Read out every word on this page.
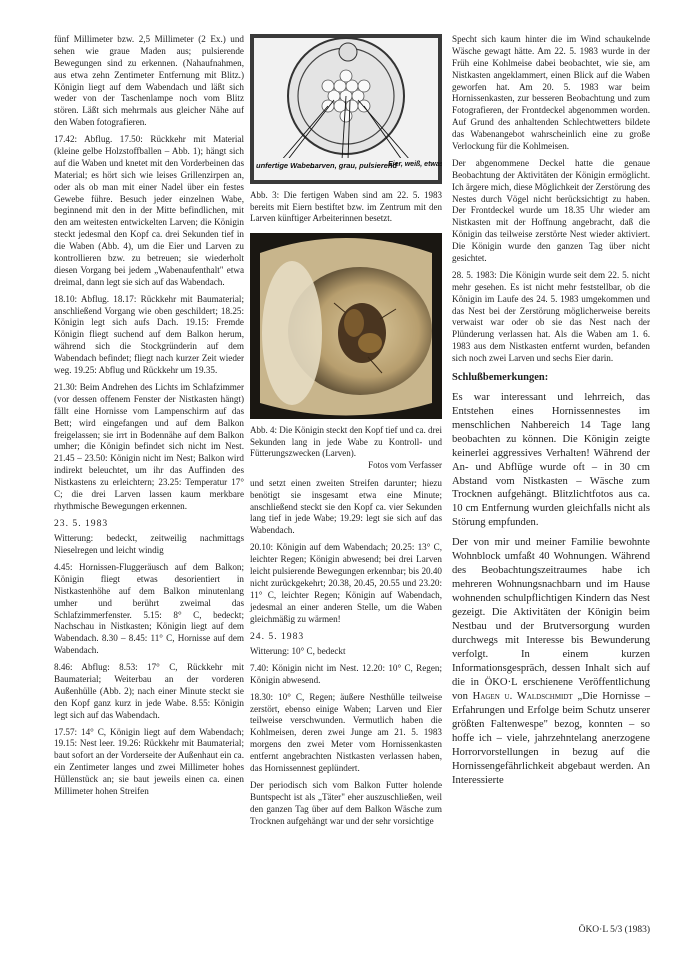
fünf Millimeter bzw. 2,5 Millimeter (2 Ex.) und sehen wie graue Maden aus; pulsierende Bewegungen sind zu erkennen. (Nahaufnahmen, aus etwa zehn Zentimeter Entfernung mit Blitz.) Königin liegt auf dem Wabendach und läßt sich weder von der Taschenlampe noch vom Blitz stören. Läßt sich mehrmals aus gleicher Nähe auf den Waben fotografieren.

17.42: Abflug. 17.50: Rückkehr mit Material (kleine gelbe Holzstoffballen – Abb. 1); hängt sich auf die Waben und knetet mit den Vorderbeinen das Material; es hört sich wie leises Grillenzirpen an, oder als ob man mit einer Nadel über ein festes Gewebe führe. Besuch jeder einzelnen Wabe, beginnend mit den in der Mitte befindlichen, mit den am weitesten entwickelten Larven; die Königin steckt jedesmal den Kopf ca. drei Sekunden tief in die Waben (Abb. 4), um die Eier und Larven zu kontrollieren bzw. zu betreuen; sie wiederholt diesen Vorgang bei jedem „Wabenaufenthalt" etwa dreimal, dann legt sie sich auf das Wabendach.

18.10: Abflug. 18.17: Rückkehr mit Baumaterial; anschließend Vorgang wie oben geschildert; 18.25: Königin legt sich aufs Dach. 19.15: Fremde Königin fliegt suchend auf dem Balkon herum, während sich die Stockgründerin auf dem Wabendach befindet; fliegt nach kurzer Zeit wieder weg. 19.25: Abflug und Rückkehr um 19.35.

21.30: Beim Andrehen des Lichts im Schlafzimmer (vor dessen offenem Fenster der Nistkasten hängt) fällt eine Hornisse vom Lampenschirm auf das Bett; wird eingefangen und auf dem Balkon freigelassen; sie irrt in Bodennähe auf dem Balkon umher; die Königin befindet sich nicht im Nest. 21.45 – 23.50: Königin nicht im Nest; Balkon wird indirekt beleuchtet, um ihr das Auffinden des Nistkastens zu erleichtern; 23.25: Temperatur 17° C; die drei Larven lassen kaum merkbare rhythmische Bewegungen erkennen.

23. 5. 1983

Witterung: bedeckt, zeitweilig nachmittags Nieselregen und leicht windig

4.45: Hornissen-Fluggeräusch auf dem Balkon; Königin fliegt etwas desorientiert in Nistkastenhöhe auf dem Balkon minutenlang umher und berührt zweimal das Schlafzimmerfenster. 5.15: 8° C, bedeckt; Nachschau in Nistkasten; Königin liegt auf dem Wabendach. 8.30 – 8.45: 11° C, Hornisse auf dem Wabendach.

8.46: Abflug: 8.53: 17° C, Rückkehr mit Baumaterial; Weiterbau an der vorderen Außenhülle (Abb. 2); nach einer Minute steckt sie den Kopf ganz kurz in jede Wabe. 8.55: Königin legt sich auf das Wabendach.

17.57: 14° C, Königin liegt auf dem Wabendach; 19.15: Nest leer. 19.26: Rückkehr mit Baumaterial; baut sofort an der Vorderseite der Außenhaut ein ca. ein Zentimeter langes und zwei Millimeter hohes Hüllenstück an; sie baut jeweils einen ca. einen Millimeter hohen Streifen

unfertige Waben
Larven, grau, pulsierend
Eier, weiß, etwas
Abb. 3: Die fertigen Waben sind am 22. 5. 1983 bereits mit Eiern bestiftet bzw. im Zentrum mit den Larven künftiger Arbeiterinnen besetzt.
Abb. 4: Die Königin steckt den Kopf tief und ca. drei Sekunden lang in jede Wabe zu Kontroll- und Fütterungszwecken (Larven).
Fotos vom Verfasser

und setzt einen zweiten Streifen darunter; hiezu benötigt sie insgesamt etwa eine Minute; anschließend steckt sie den Kopf ca. vier Sekunden lang tief in jede Wabe; 19.29: legt sie sich auf das Wabendach.

20.10: Königin auf dem Wabendach; 20.25: 13° C, leichter Regen; Königin abwesend; bei drei Larven leicht pulsierende Bewegungen erkennbar; bis 20.40 nicht zurückgekehrt; 20.38, 20.45, 20.55 und 23.20: 11° C, leichter Regen; Königin auf Wabendach, jedesmal an einer anderen Stelle, um die Waben gleichmäßig zu wärmen!

24. 5. 1983

Witterung: 10° C, bedeckt

7.40: Königin nicht im Nest. 12.20: 10° C, Regen; Königin abwesend.

18.30: 10° C, Regen; äußere Nesthülle teilweise zerstört, ebenso einige Waben; Larven und Eier teilweise verschwunden. Vermutlich haben die Kohlmeisen, deren zwei Junge am 21. 5. 1983 morgens den zwei Meter vom Hornissenkasten entfernt angebrachten Nistkasten verlassen haben, das Hornissennest geplündert.

Der periodisch sich vom Balkon Futter holende Buntspecht ist als „Täter" eher auszuschließen, weil den ganzen Tag über auf dem Balkon Wäsche zum Trocknen aufgehängt war und der sehr vorsichtige

Specht sich kaum hinter die im Wind schaukelnde Wäsche gewagt hätte. Am 22. 5. 1983 wurde in der Früh eine Kohlmeise dabei beobachtet, wie sie, am Nistkasten angeklammert, einen Blick auf die Waben geworfen hat. Am 20. 5. 1983 war beim Hornissenkasten, zur besseren Beobachtung und zum Fotografieren, der Frontdeckel abgenommen worden. Auf Grund des anhaltenden Schlechtwetters bildete das Wabenangebot wahrscheinlich eine zu große Verlockung für die Kohlmeisen.

Der abgenommene Deckel hatte die genaue Beobachtung der Aktivitäten der Königin ermöglicht. Ich ärgere mich, diese Möglichkeit der Zerstörung des Nestes durch Vögel nicht berücksichtigt zu haben. Der Frontdeckel wurde um 18.35 Uhr wieder am Nistkasten mit der Hoffnung angebracht, daß die Königin das teilweise zerstörte Nest wieder aktiviert. Die Königin wurde den ganzen Tag über nicht gesichtet.

28. 5. 1983: Die Königin wurde seit dem 22. 5. nicht mehr gesehen. Es ist nicht mehr feststellbar, ob die Königin im Laufe des 24. 5. 1983 umgekommen und das Nest bei der Zerstörung möglicherweise bereits verwaist war oder ob sie das Nest nach der Plünderung verlassen hat. Als die Waben am 1. 6. 1983 aus dem Nistkasten entfernt wurden, befanden sich noch zwei Larven und sechs Eier darin.

Schlußbemerkungen:

Es war interessant und lehrreich, das Entstehen eines Hornissennestes im menschlichen Nahbereich 14 Tage lang beobachten zu können. Die Königin zeigte keinerlei aggressives Verhalten! Während der An- und Abflüge wurde oft – in 30 cm Abstand vom Nistkasten – Wäsche zum Trocknen aufgehängt. Blitzlichtfotos aus ca. 10 cm Entfernung wurden gleichfalls nicht als Störung empfunden.

Der von mir und meiner Familie bewohnte Wohnblock umfaßt 40 Wohnungen. Während des Beobachtungszeitraumes habe ich mehreren Wohnungsnachbarn und im Hause wohnenden schulpflichtigen Kindern das Nest gezeigt. Die Aktivitäten der Königin beim Nestbau und der Brutversorgung wurden durchwegs mit Interesse bis Bewunderung verfolgt. In einem kurzen Informationsgespräch, dessen Inhalt sich auf die in ÖKO·L erschienene Veröffentlichung von Hagen u. Waldschmidt „Die Hornisse – Erfahrungen und Erfolge beim Schutz unserer größten Faltenwespe" bezog, konnten – so hoffe ich – viele, jahrzehntelang anerzogene Horrorvorstellungen in bezug auf die Hornissengefährlichkeit abgebaut werden. An Interessierte

ÖKO·L 5/3 (1983)
